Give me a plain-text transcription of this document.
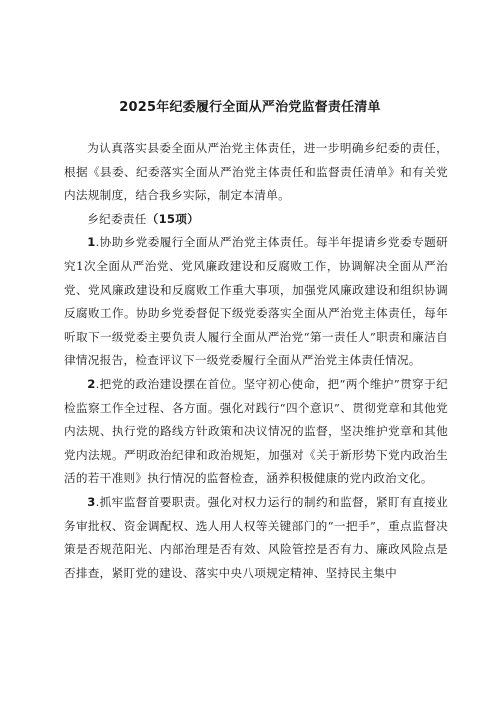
2025年纪委履行全面从严治党监督责任清单

为认真落实县委全面从严治党主体责任，进一步明确乡纪委的责任，根据《县委、纪委落实全面从严治党主体责任和监督责任清单》和有关党内法规制度，结合我乡实际，制定本清单。

乡纪委责任（15项）

1.协助乡党委履行全面从严治党主体责任。每半年提请乡党委专题研究1次全面从严治党、党风廉政建设和反腐败工作，协调解决全面从严治党、党风廉政建设和反腐败工作重大事项，加强党风廉政建设和组织协调反腐败工作。协助乡党委督促下级党委落实全面从严治党主体责任，每年听取下一级党委主要负责人履行全面从严治党“第一责任人”职责和廉洁自律情况报告，检查评议下一级党委履行全面从严治党主体责任情况。

2.把党的政治建设摆在首位。坚守初心使命，把“两个维护”贯穿于纪检监察工作全过程、各方面。强化对践行“四个意识”、贯彻党章和其他党内法规、执行党的路线方针政策和决议情况的监督，坚决维护党章和其他党内法规。严明政治纪律和政治规矩，加强对《关于新形势下党内政治生活的若干准则》执行情况的监督检查，涵养积极健康的党内政治文化。

3.抓牢监督首要职责。强化对权力运行的制约和监督，紧盯有直接业务审批权、资金调配权、选人用人权等关键部门的“一把手”，重点监督决策是否规范阳光、内部治理是否有效、风险管控是否有力、廉政风险点是否排查，紧盯党的建设、落实中央八项规定精神、坚持民主集中
